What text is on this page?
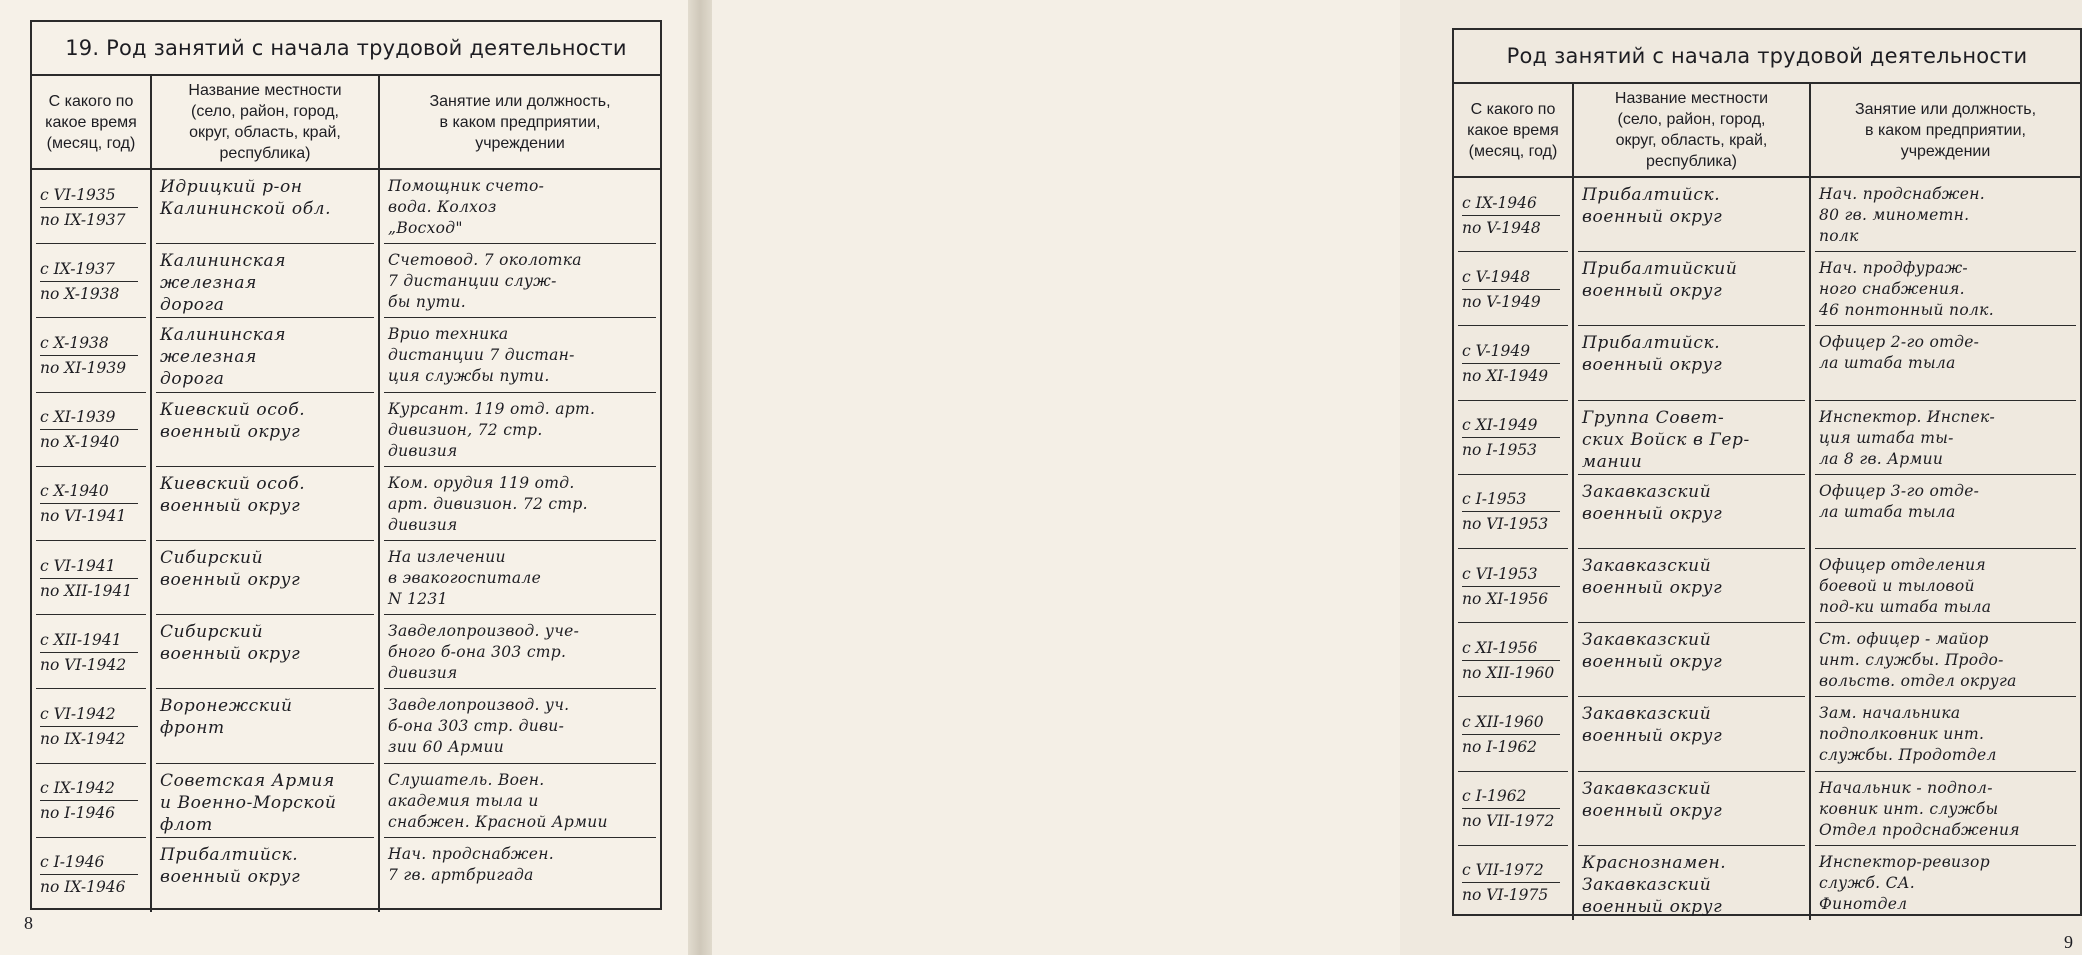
19. Род занятий с начала трудовой деятельности
С какого по
какое время
(месяц, год)
Название местности
(село, район, город,
округ, область, край,
республика)
Занятие или должность,
в каком предприятии,
учреждении
с VI-1935
по IX-1937
Идрицкий р-он
Калининской обл.
Помощник счето-
вода. Колхоз
„Восход"
с IX-1937
по X-1938
Калининская
железная
дорога
Счетовод. 7 околотка
7 дистанции служ-
бы пути.
с X-1938
по XI-1939
Калининская
железная
дорога
Врио техника
дистанции 7 дистан-
ция службы пути.
с XI-1939
по X-1940
Киевский особ.
военный округ
Курсант. 119 отд. арт.
дивизион, 72 стр.
дивизия
с X-1940
по VI-1941
Киевский особ.
военный округ
Ком. орудия 119 отд.
арт. дивизион. 72 стр.
дивизия
с VI-1941
по XII-1941
Сибирский
военный округ
На излечении
в эвакогоспитале
N 1231
с XII-1941
по VI-1942
Сибирский
военный округ
Завделопроизвод. уче-
бного б-она 303 стр.
дивизия
с VI-1942
по IX-1942
Воронежский
фронт
Завделопроизвод. уч.
б-она 303 стр. диви-
зии 60 Армии
с IX-1942
по I-1946
Советская Армия
и Военно-Морской
флот
Слушатель. Воен.
академия тыла и
снабжен. Красной Армии
с I-1946
по IX-1946
Прибалтийск.
военный округ
Нач. продснабжен.
7 гв. артбригада
8
Род занятий с начала трудовой деятельности
С какого по
какое время
(месяц, год)
Название местности
(село, район, город,
округ, область, край,
республика)
Занятие или должность,
в каком предприятии,
учреждении
с IX-1946
по V-1948
Прибалтийск.
военный округ
Нач. продснабжен.
80 гв. минометн.
полк
с V-1948
по V-1949
Прибалтийский
военный округ
Нач. продфураж-
ного снабжения.
46 понтонный полк.
с V-1949
по XI-1949
Прибалтийск.
военный округ
Офицер 2-го отде-
ла штаба тыла
с XI-1949
по I-1953
Группа Совет-
ских Войск в Гер-
мании
Инспектор. Инспек-
ция штаба ты-
ла 8 гв. Армии
с I-1953
по VI-1953
Закавказский
военный округ
Офицер 3-го отде-
ла штаба тыла
с VI-1953
по XI-1956
Закавказский
военный округ
Офицер отделения
боевой и тыловой
под-ки штаба тыла
с XI-1956
по XII-1960
Закавказский
военный округ
Ст. офицер - майор
инт. службы. Продо-
вольств. отдел округа
с XII-1960
по I-1962
Закавказский
военный округ
Зам. начальника
подполковник инт.
службы. Продотдел
с I-1962
по VII-1972
Закавказский
военный округ
Начальник - подпол-
ковник инт. службы
Отдел продснабжения
с VII-1972
по VI-1975
Краснознамен.
Закавказский
военный округ
Инспектор-ревизор
служб. СА.
Финотдел
9
